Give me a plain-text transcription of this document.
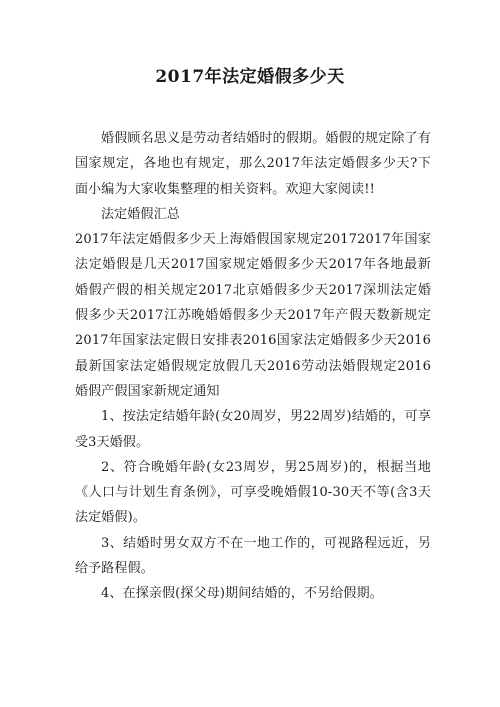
2017年法定婚假多少天

婚假顾名思义是劳动者结婚时的假期。婚假的规定除了有国家规定，各地也有规定，那么2017年法定婚假多少天?下面小编为大家收集整理的相关资料。欢迎大家阅读!!

法定婚假汇总

2017年法定婚假多少天上海婚假国家规定20172017年国家法定婚假是几天2017国家规定婚假多少天2017年各地最新婚假产假的相关规定2017北京婚假多少天2017深圳法定婚假多少天2017江苏晚婚婚假多少天2017年产假天数新规定2017年国家法定假日安排表2016国家法定婚假多少天2016最新国家法定婚假规定放假几天2016劳动法婚假规定2016婚假产假国家新规定通知

1、按法定结婚年龄(女20周岁，男22周岁)结婚的，可享受3天婚假。

2、符合晚婚年龄(女23周岁，男25周岁)的，根据当地《人口与计划生育条例》，可享受晚婚假10-30天不等(含3天法定婚假)。

3、结婚时男女双方不在一地工作的，可视路程远近，另给予路程假。

4、在探亲假(探父母)期间结婚的，不另给假期。
